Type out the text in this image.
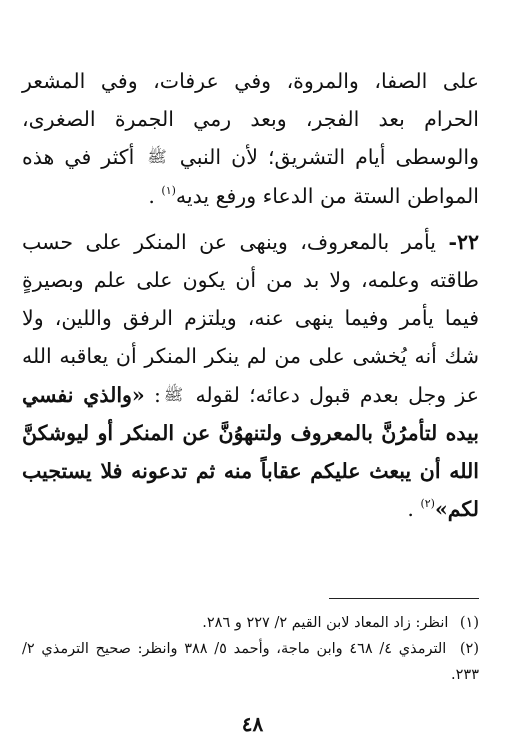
على الصفا، والمروة، وفي عرفات، وفي المشعر الحرام بعد الفجر، وبعد رمي الجمرة الصغرى، والوسطى أيام التشريق؛ لأن النبي ﷺ أكثر في هذه المواطن الستة من الدعاء ورفع يديه$^{(١)}$ .

٢٢- يأمر بالمعروف، وينهى عن المنكر على حسب طاقته وعلمه، ولا بد من أن يكون على علم وبصيرةٍ فيما يأمر وفيما ينهى عنه، ويلتزم الرفق واللين، ولا شك أنه يُخشى على من لم ينكر المنكر أن يعاقبه الله عز وجل بعدم قبول دعائه؛ لقوله ﷺ: «والذي نفسي بيده لتأمرُنَّ بالمعروف ولتنهوُنَّ عن المنكر أو ليوشكنَّ الله أن يبعث عليكم عقاباً منه ثم تدعونه فلا يستجيب لكم»$^{(٢)}$ .

(١) انظر: زاد المعاد لابن القيم ٢/ ٢٢٧ و ٢٨٦.

(٢) الترمذي ٤/ ٤٦٨ وابن ماجة، وأحمد ٥/ ٣٨٨ وانظر: صحيح الترمذي ٢/ ٢٣٣.

٤٨
